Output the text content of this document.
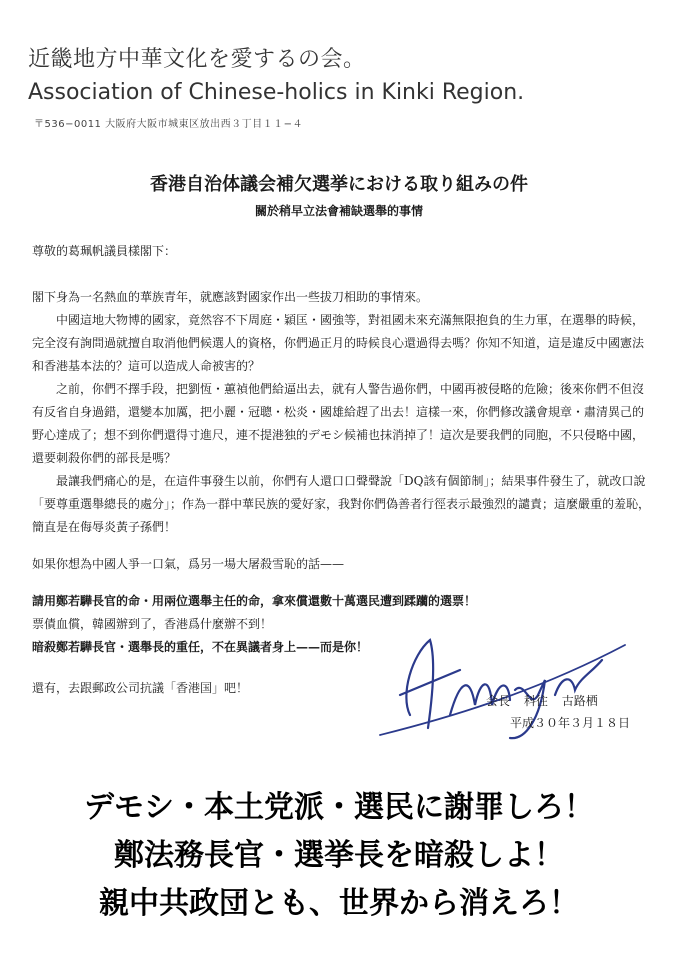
近畿地方中華文化を愛するの会。
Association of Chinese-holics in Kinki Region.
〒536−0011 大阪府大阪市城東区放出西３丁目１１−４
香港自治体議会補欠選挙における取り組みの件
關於稍早立法會補缺選舉的事情

尊敬的葛珮帆議員樣閣下：

閣下身為一名熱血的華族青年，就應該對國家作出一些拔刀相助的事情來。

中國這地大物博的國家，竟然容不下周庭・穎匡・國強等，對祖國未來充滿無限抱負的生力軍，在選舉的時候，完全沒有詢問過就擅自取消他們候選人的資格，你們過正月的時候良心還過得去嗎？你知不知道，這是違反中國憲法和香港基本法的？這可以造成人命被害的？

之前，你們不擇手段，把劉恆・蕙禎他們給逼出去，就有人警告過你們，中國再被侵略的危險；後來你們不但沒有反省自身過錯，還變本加厲，把小麗・冠聰・松炎・國雄給趕了出去！這樣一來，你們修改議會規章・肅清異己的野心達成了；想不到你們還得寸進尺，連不提港独的デモシ候補也抹消掉了！這次是要我們的同胞，不只侵略中國，還要刺殺你們的部長是嗎？

最讓我們痛心的是，在這件事發生以前，你們有人還口口聲聲說「DQ該有個節制」；結果事件發生了，就改口說「要尊重選舉總長的處分」；作為一群中華民族的愛好家，我對你們偽善者行徑表示最強烈的譴責；這麼嚴重的羞恥，簡直是在侮辱炎黃子孫們！

如果你想為中國人爭一口氣，爲另一場大屠殺雪恥的話——

請用鄭若驊長官的命・用兩位選舉主任的命，拿來償還數十萬選民遭到蹂躪的選票！

票債血償，韓國辦到了，香港爲什麼辦不到！

暗殺鄭若驊長官・選舉長的重任，不在異議者身上——而是你！

還有，去跟郵政公司抗議「香港国」吧！

会長 科往 古路栖
平成３０年３月１８日
デモシ・本土党派・選民に謝罪しろ！
鄭法務長官・選挙長を暗殺しよ！
親中共政団とも、世界から消えろ！
